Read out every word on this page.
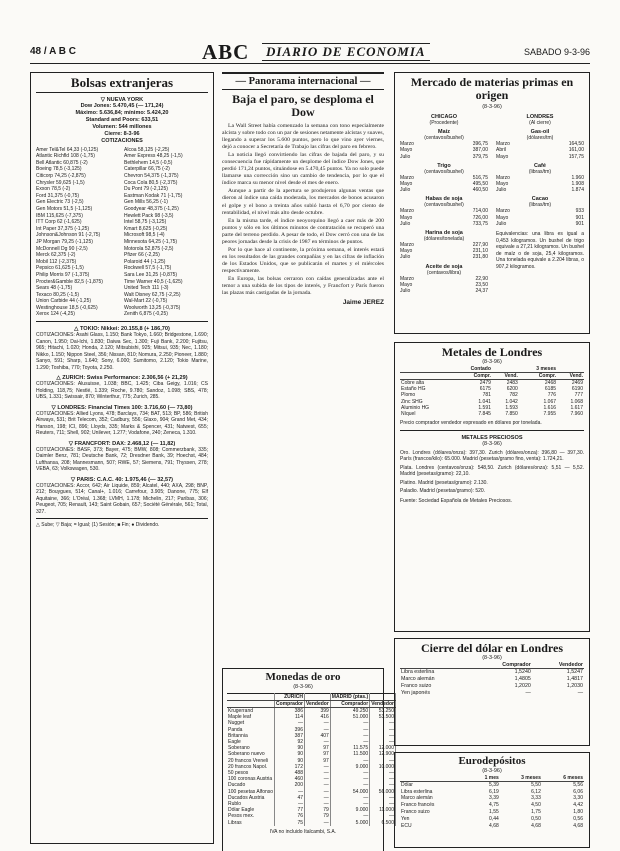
48 / A B C	ABC	DIARIO DE ECONOMIA	SABADO 9-3-96
Bolsas extranjeras
▽ NUEVA YORK
Dow Jones: 5.470,45 (— 171,24)
Máximo: 5.636,84; mínimo: 5.424,20
Standard and Poors: 633,51
Volumen: 544 millones
Cierre: 8-3-96
COTIZACIONES
Amer Tel&Tel 64,33 (-0,125)
Atlantic Richfld 108 (-1,75)
Bell Atlantic 60,875 (-2)
Boeing 78,5 (-3,125)
Citicorp 74,25 (-2,875)
Chrysler 59,625 (-1,5)
Exxon 78,5 (-2)
Ford 31,375 (-0,75)
Gen Electric 73 (-2,5)
Gen Motors 51,5 (-1,125)
IBM 115,625 (-7,375)
ITT Corp 62 (-1,625)
Int Paper 37,375 (-1,25)
Johnson&Johnson 91 (-2,75)
JP Morgan 79,25 (-1,125)
McDonnell Dg 90 (-2,5)
Merck 62,375 (-2)
Mobil 112 (-2,375)
Pepsico 61,625 (-1,5)
Philip Morris 97 (-1,375)
Procter&Gamble 82,5 (-1,875)
Sears 48 (-1,75)
Texaco 80,25 (-1,5)
Union Carbide 44 (-1,25)
Westinghouse 18,5 (-0,625)
Xerox 124 (-4,25)
Alcoa 58,125 (-2,25)
Amer Express 48,25 (-1,5)
Bethlehem 14,5 (-0,5)
Caterpillar 66,75 (-2)
Chevron 54,375 (-1,375)
Coca Cola 80,5 (-2,375)
Du Pont 79 (-2,125)
Eastman Kodak 71 (-1,75)
Gen Mills 56,25 (-1)
Goodyear 48,375 (-1,25)
Hewlett Pack 98 (-3,5)
Intel 58,75 (-3,125)
Kmart 8,625 (-0,25)
Microsoft 98,5 (-4)
Minnesota 64,25 (-1,75)
Motorola 52,875 (-2,5)
Pfizer 66 (-2,25)
Polaroid 44 (-1,25)
Rockwell 57,5 (-1,75)
Sara Lee 31,25 (-0,875)
Time Warner 40,5 (-1,625)
United Tech 111 (-3)
Walt Disney 62,75 (-2,25)
Wal-Mart 22 (-0,75)
Woolworth 13,25 (-0,375)
Zenith 6,875 (-0,25)
△ TOKIO: Nikkei: 20.155,8 (+ 186,70)
COTIZACIONES: Asahi Glass, 1.150; Bank Tokyo, 1.660; Bridgestone, 1.690; Canon, 1.950; Dai-Ichi, 1.830; Daiwa Sec, 1.300; Fuji Bank, 2.200; Fujitsu, 965; Hitachi, 1.020; Honda, 2.120; Mitsubishi, 925; Mitsui, 935; Nec, 1.180; Nikko, 1.150; Nippon Steel, 356; Nissan, 810; Nomura, 2.250; Pioneer, 1.880; Sanyo, 591; Sharp, 1.640; Sony, 6.000; Sumitomo, 2.120; Tokio Marine, 1.290; Toshiba, 770; Toyota, 2.250.
△ ZURICH: Swiss Performance: 2.306,56 (+ 21,29)
COTIZACIONES: Alusuisse, 1.038; BBC, 1.425; Ciba Geigy, 1.016; CS Holding, 118,75; Nestlé, 1.339; Roche, 9.780; Sandoz, 1.098; SBS, 478; UBS, 1.331; Swissair, 870; Winterthur, 775; Zurich, 285.
▽ LONDRES: Financial Times 100: 3.716,60 (— 73,80)
COTIZACIONES: Allied Lyons, 478; Barclays, 734; BAT, 513; BP, 586; British Airways, 531; Brit Telecom, 352; Cadbury, 556; Glaxo, 904; Grand Met, 434; Hanson, 198; ICI, 896; Lloyds, 335; Marks & Spencer, 431; Natwest, 655; Reuters, 711; Shell, 902; Unilever, 1.277; Vodafone, 240; Zeneca, 1.310.
▽ FRANCFORT: DAX: 2.468,12 (— 11,82)
COTIZACIONES: BASF, 373; Bayer, 475; BMW, 808; Commerzbank, 335; Daimler Benz, 781; Deutsche Bank, 72; Dresdner Bank, 39; Hoechst, 484; Lufthansa, 208; Mannesmann, 507; RWE, 57; Siemens, 791; Thyssen, 278; VEBA, 63; Volkswagen, 530.
▽ PARIS: C.A.C. 40: 1.975,46 (— 32,57)
COTIZACIONES: Accor, 642; Air Liquide, 859; Alcatel, 440; AXA, 298; BNP, 212; Bouygues, 514; Canal+, 1.016; Carrefour, 3.905; Danone, 775; Elf Aquitaine, 366; L'Oréal, 1.368; LVMH, 1.178; Michelin, 217; Paribas, 306; Peugeot, 705; Renault, 143; Saint Gobain, 657; Société Générale, 561; Total, 327.
△ Sube; ▽ Baja; = Igual; (1) Sesión; ■ Fin; ● Dividendo.
— Panorama internacional —
Baja el paro, se desploma el Dow

La Wall Street había comenzado la semana con tono especialmente alcista y sobre todo con un par de sesiones netamente alcistas y suaves, llegando a superar los 5.600 puntos, pero lo que vino ayer viernes, dejó a conocer a Secretaría de Trabajo las cifras del paro en febrero.

La noticia llegó convirtiendo las cifras de bajada del paro, y su consecuencia fue rápidamente un desplome del índice Dow Jones, que perdió 171,24 puntos, situándose en 5.470,45 puntos. Ya no solo puede llamarse una corrección sino un cambio de tendencia, por lo que el índice marca su menor nivel desde el mes de enero.

Aunque a partir de la apertura se produjeron algunas ventas que dieron al índice una caída moderada, los mercados de bonos acusaron el golpe y el bono a treinta años subió hasta el 6,70 por ciento de rentabilidad, el nivel más alto desde octubre.

En la misma tarde, el índice neoyorquino llegó a caer más de 200 puntos y sólo en los últimos minutos de contratación se recuperó una parte del terreno perdido. A pesar de todo, el Dow cerró con una de las peores jornadas desde la crisis de 1987 en términos de puntos.

Por lo que hace al continente, la próxima semana, el interés estará en los resultados de las grandes compañías y en las cifras de inflación de los Estados Unidos, que se publicarán el martes y el miércoles respectivamente.

En Europa, las bolsas cerraron con caídas generalizadas ante el temor a una subida de los tipos de interés, y Francfort y París fueron las plazas más castigadas de la jornada.

Jaime JEREZ
Monedas de oro
(8-3-96)
	ZURICH		MADRID (ptas.)	
	Comprador	Vendedor	Comprador	Vendedor
Krugerrand	386	399	49.250	53.250
Maple leaf	114	416	51.000	53.500
Nugget	—	—	—	—
Panda	396	—	—	—
Britannia	387	407	—	—
Eagle	92	—	—	—
Soberano	90	97	11.575	12.000
Soberano nuevo	90	97	11.500	12.900
20 francos Vreneli	90	97	—	—
20 francos Napol.	172	—	9.000	10.000
50 pesos	488	—	—	—
100 coronas Austria	460	—	—	—
Ducado	200	—	—	—
100 pesetas Alfonso	—	—	54.000	56.000
Ducados Austria	47	—	—	—
Rublo	—	—	—	—
Dólar Eagle	77	79	9.000	11.000
Pesos mex.	76	79	—	—
Libras	75	—	5.000	6.500
IVA no incluido Italcambi, S.A.
Mercado de materias primas en origen
(8-3-96)
CHICAGO
(Procedente)
Maíz
(centavos/bushel)
Marzo	396,75
Mayo	387,00
Julio	379,75
Trigo
(centavos/bushel)
Marzo	516,75
Mayo	495,50
Julio	460,50
Habas de soja
(centavos/bushel)
Marzo	714,00
Mayo	726,00
Julio	733,75
Harina de soja
(dólares/tonelada)
Marzo	227,90
Mayo	231,10
Julio	231,80
Aceite de soja
(centavos/libra)
Marzo	22,90
Mayo	23,50
Julio	24,37
LONDRES
(Al cierre)
Gas-oil
(dólares/tm)
Marzo	164,50
Abril	161,00
Mayo	157,75
Café
(libras/tm)
Marzo	1.960
Mayo	1.908
Julio	1.874
Cacao
(libras/tm)
Marzo	933
Mayo	901
Julio	901
Equivalencias: una libra es igual a 0,453 kilogramos. Un bushel de trigo equivale a 27,21 kilogramos. Un bushel de maíz o de soja, 25,4 kilogramos. Una tonelada equivale a 2.204 libras, o 907,2 kilogramos.
Metales de Londres
(8-3-96)
	Contado		3 meses	
	Compr.	Vend.	Compr.	Vend.
Cobre alta	2479	2483	2468	2469
Estaño HG	6175	6200	6185	6190
Plomo	781	782	776	777
Zinc SHG	1.041	1.042	1.067	1.068
Aluminio HG	1.591	1.593	1.616	1.617
Níquel	7.845	7.850	7.955	7.960
Precio comprador vendedor expresado en dólares por tonelada.
METALES PRECIOSOS
(8-3-96)
Oro. Londres (dólares/onza): 397,30. Zurich (dólares/onza): 396,80 — 397,30. París (francos/kilo): 65.000. Madrid (pesetas/gramo fino, venta): 1.724,21.
Plata. Londres (centavos/onza): 548,50. Zurich (dólares/onza): 5,51 — 5,52. Madrid (pesetas/gramo): 22,10.
Platino. Madrid (pesetas/gramo): 2.130.
Paladio. Madrid (pesetas/gramo): 520.
Fuente: Sociedad Española de Metales Preciosos.
Cierre del dólar en Londres
(8-3-96)
	Comprador	Vendedor
Libra esterlina	1,5240	1,5247
Marco alemán	1,4805	1,4817
Franco suizo	1,2020	1,2030
Yen japonés	—	—
Eurodepósitos
(8-3-96)
	1 mes	3 meses	6 meses
Dólar	5,39	5,50	5,56
Libra esterlina	6,19	6,12	6,06
Marco alemán	3,39	3,33	3,30
Franco francés	4,75	4,50	4,42
Franco suizo	1,55	1,75	1,80
Yen	0,44	0,50	0,56
ECU	4,68	4,68	4,68
